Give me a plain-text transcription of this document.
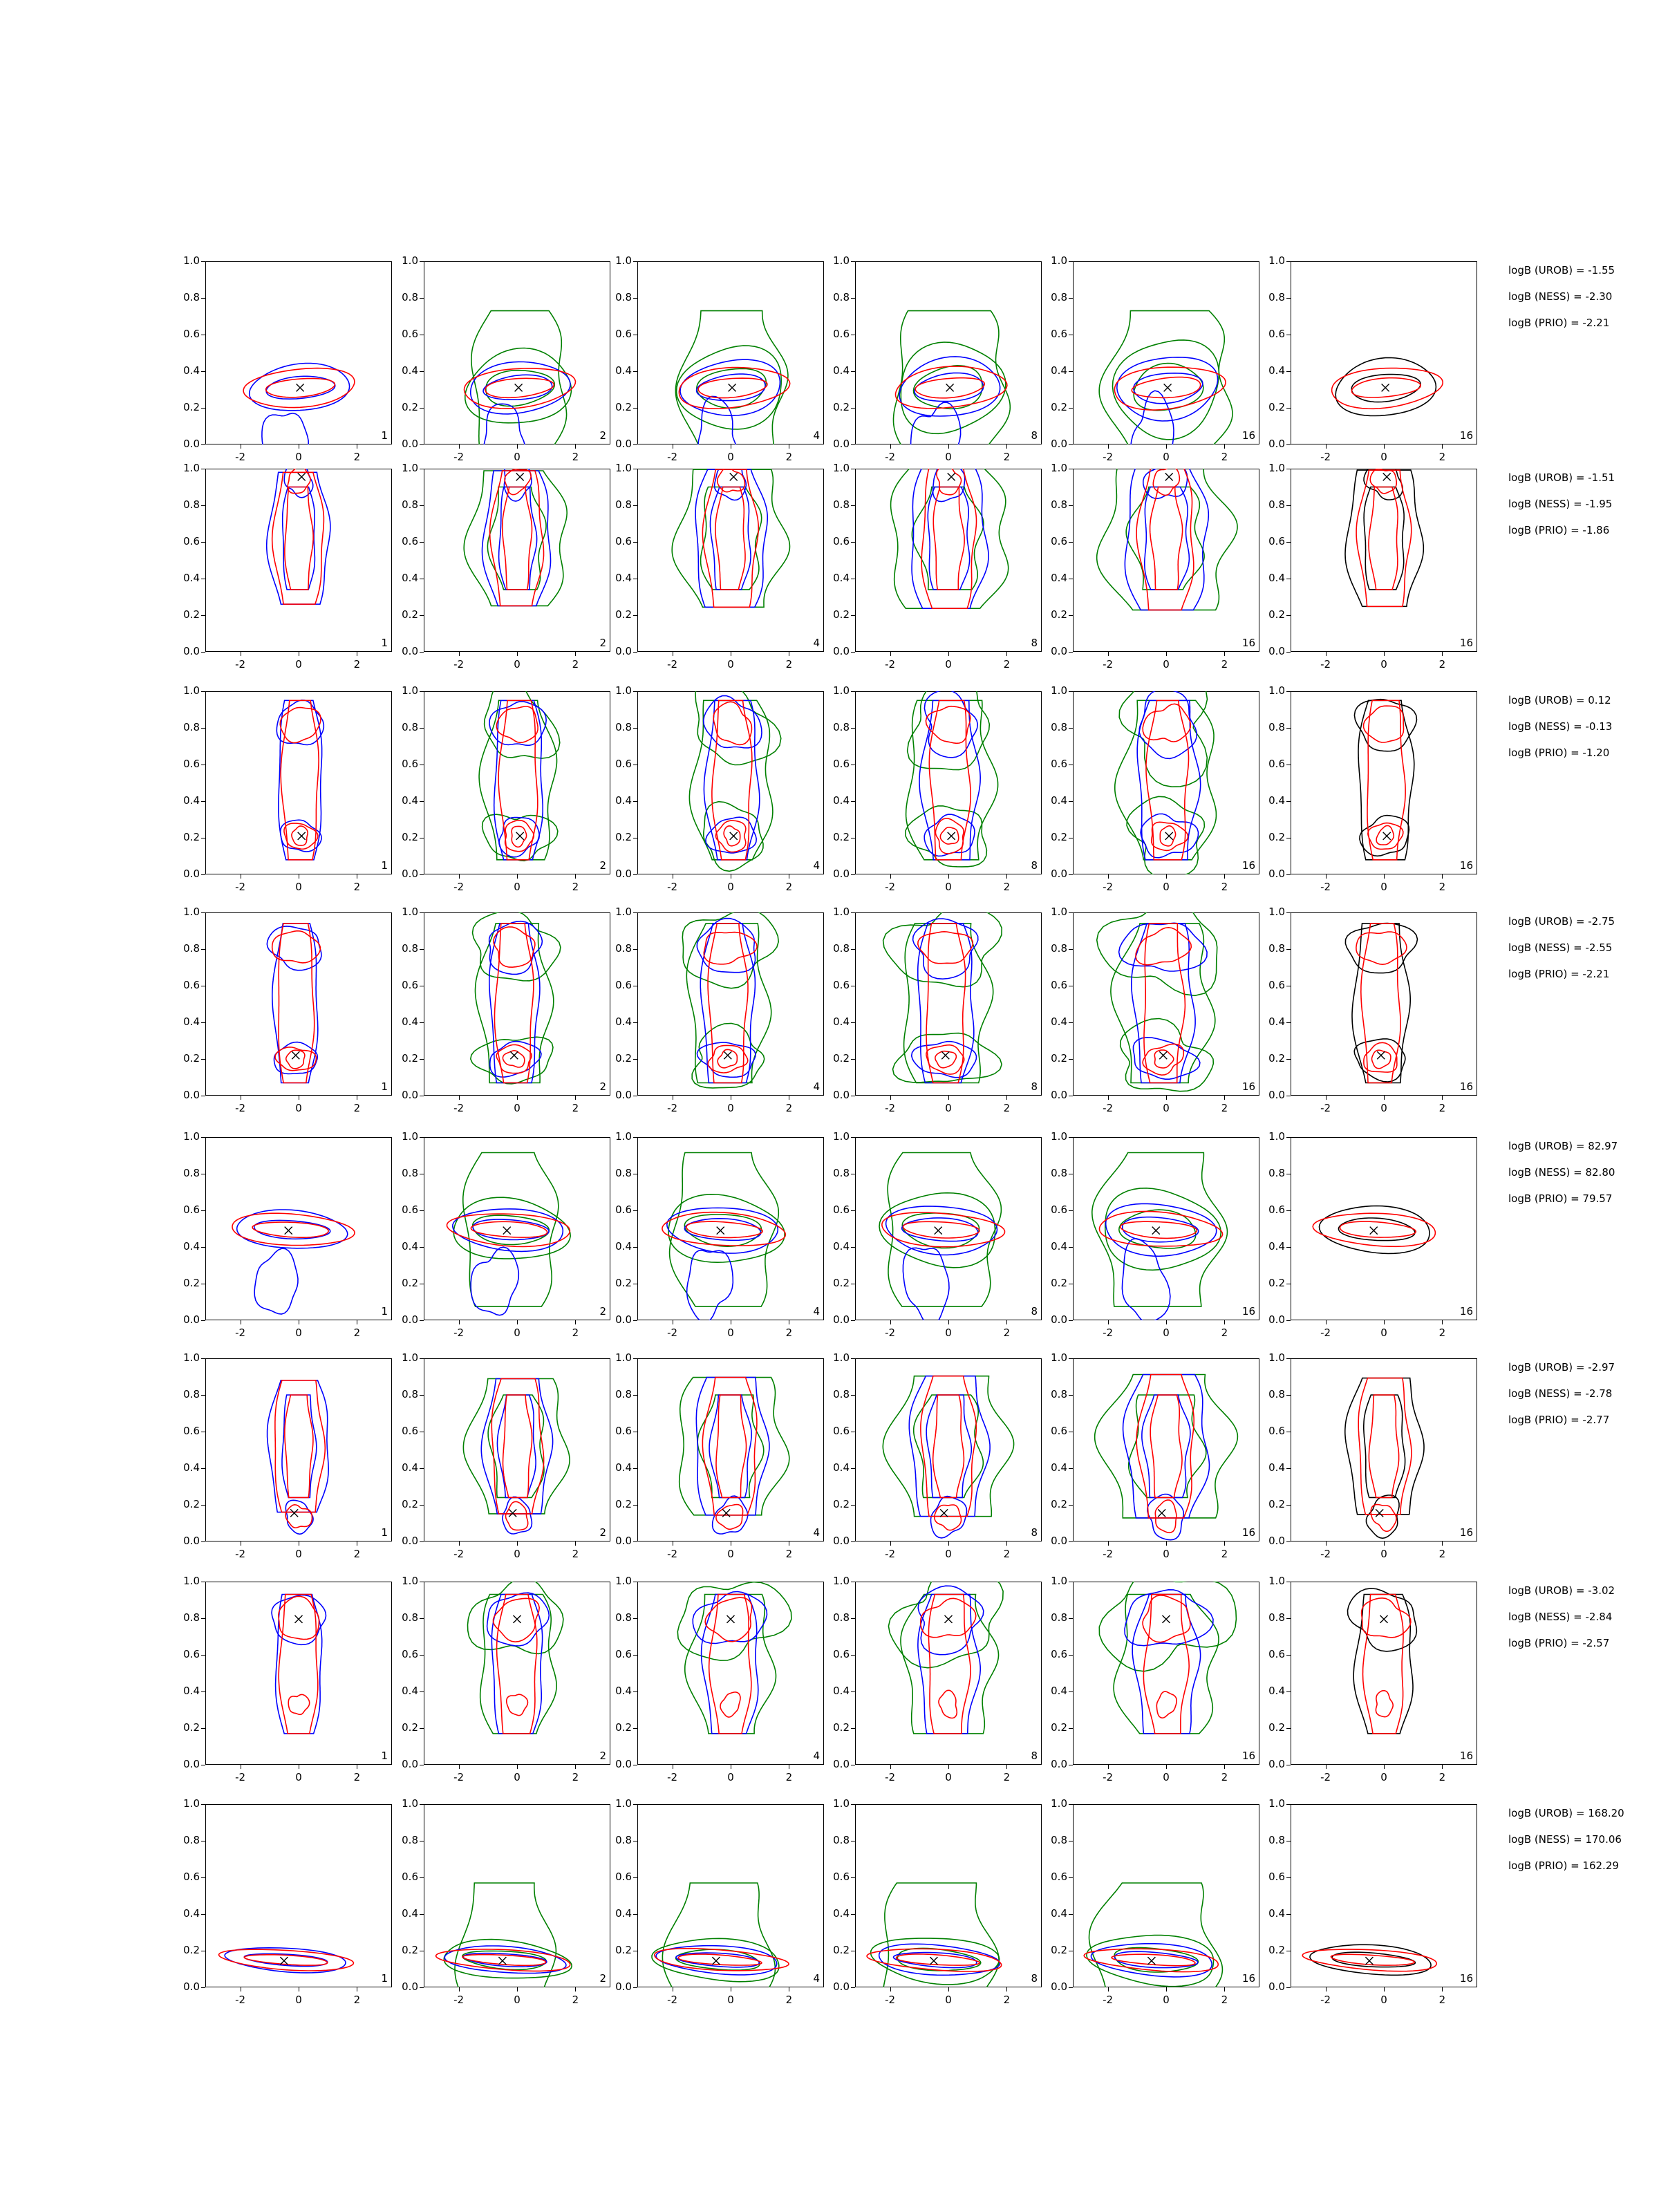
0.0
0.2
0.4
0.6
0.8
1.0
-2	0	2
1
0.0
0.2
0.4
0.6
0.8
1.0
-2	0	2
2
0.0
0.2
0.4
0.6
0.8
1.0
-2	0	2
4
0.0
0.2
0.4
0.6
0.8
1.0
-2	0	2
8
0.0
0.2
0.4
0.6
0.8
1.0
-2	0	2
16
0.0
0.2
0.4
0.6
0.8
1.0
-2	0	2
16
logB (UROB) = -1.55
logB (NESS) = -2.30
logB (PRIO) = -2.21
0.0
0.2
0.4
0.6
0.8
1.0
-2	0	2
1
0.0
0.2
0.4
0.6
0.8
1.0
-2	0	2
2
0.0
0.2
0.4
0.6
0.8
1.0
-2	0	2
4
0.0
0.2
0.4
0.6
0.8
1.0
-2	0	2
8
0.0
0.2
0.4
0.6
0.8
1.0
-2	0	2
16
0.0
0.2
0.4
0.6
0.8
1.0
-2	0	2
16
logB (UROB) = -1.51
logB (NESS) = -1.95
logB (PRIO) = -1.86
0.0
0.2
0.4
0.6
0.8
1.0
-2	0	2
1
0.0
0.2
0.4
0.6
0.8
1.0
-2	0	2
2
0.0
0.2
0.4
0.6
0.8
1.0
-2	0	2
4
0.0
0.2
0.4
0.6
0.8
1.0
-2	0	2
8
0.0
0.2
0.4
0.6
0.8
1.0
-2	0	2
16
0.0
0.2
0.4
0.6
0.8
1.0
-2	0	2
16
logB (UROB) = 0.12
logB (NESS) = -0.13
logB (PRIO) = -1.20
0.0
0.2
0.4
0.6
0.8
1.0
-2	0	2
1
0.0
0.2
0.4
0.6
0.8
1.0
-2	0	2
2
0.0
0.2
0.4
0.6
0.8
1.0
-2	0	2
4
0.0
0.2
0.4
0.6
0.8
1.0
-2	0	2
8
0.0
0.2
0.4
0.6
0.8
1.0
-2	0	2
16
0.0
0.2
0.4
0.6
0.8
1.0
-2	0	2
16
logB (UROB) = -2.75
logB (NESS) = -2.55
logB (PRIO) = -2.21
0.0
0.2
0.4
0.6
0.8
1.0
-2	0	2
1
0.0
0.2
0.4
0.6
0.8
1.0
-2	0	2
2
0.0
0.2
0.4
0.6
0.8
1.0
-2	0	2
4
0.0
0.2
0.4
0.6
0.8
1.0
-2	0	2
8
0.0
0.2
0.4
0.6
0.8
1.0
-2	0	2
16
0.0
0.2
0.4
0.6
0.8
1.0
-2	0	2
16
logB (UROB) = 82.97
logB (NESS) = 82.80
logB (PRIO) = 79.57
0.0
0.2
0.4
0.6
0.8
1.0
-2	0	2
1
0.0
0.2
0.4
0.6
0.8
1.0
-2	0	2
2
0.0
0.2
0.4
0.6
0.8
1.0
-2	0	2
4
0.0
0.2
0.4
0.6
0.8
1.0
-2	0	2
8
0.0
0.2
0.4
0.6
0.8
1.0
-2	0	2
16
0.0
0.2
0.4
0.6
0.8
1.0
-2	0	2
16
logB (UROB) = -2.97
logB (NESS) = -2.78
logB (PRIO) = -2.77
0.0
0.2
0.4
0.6
0.8
1.0
-2	0	2
1
0.0
0.2
0.4
0.6
0.8
1.0
-2	0	2
2
0.0
0.2
0.4
0.6
0.8
1.0
-2	0	2
4
0.0
0.2
0.4
0.6
0.8
1.0
-2	0	2
8
0.0
0.2
0.4
0.6
0.8
1.0
-2	0	2
16
0.0
0.2
0.4
0.6
0.8
1.0
-2	0	2
16
logB (UROB) = -3.02
logB (NESS) = -2.84
logB (PRIO) = -2.57
0.0
0.2
0.4
0.6
0.8
1.0
-2	0	2
1
0.0
0.2
0.4
0.6
0.8
1.0
-2	0	2
2
0.0
0.2
0.4
0.6
0.8
1.0
-2	0	2
4
0.0
0.2
0.4
0.6
0.8
1.0
-2	0	2
8
0.0
0.2
0.4
0.6
0.8
1.0
-2	0	2
16
0.0
0.2
0.4
0.6
0.8
1.0
-2	0	2
16
logB (UROB) = 168.20
logB (NESS) = 170.06
logB (PRIO) = 162.29
